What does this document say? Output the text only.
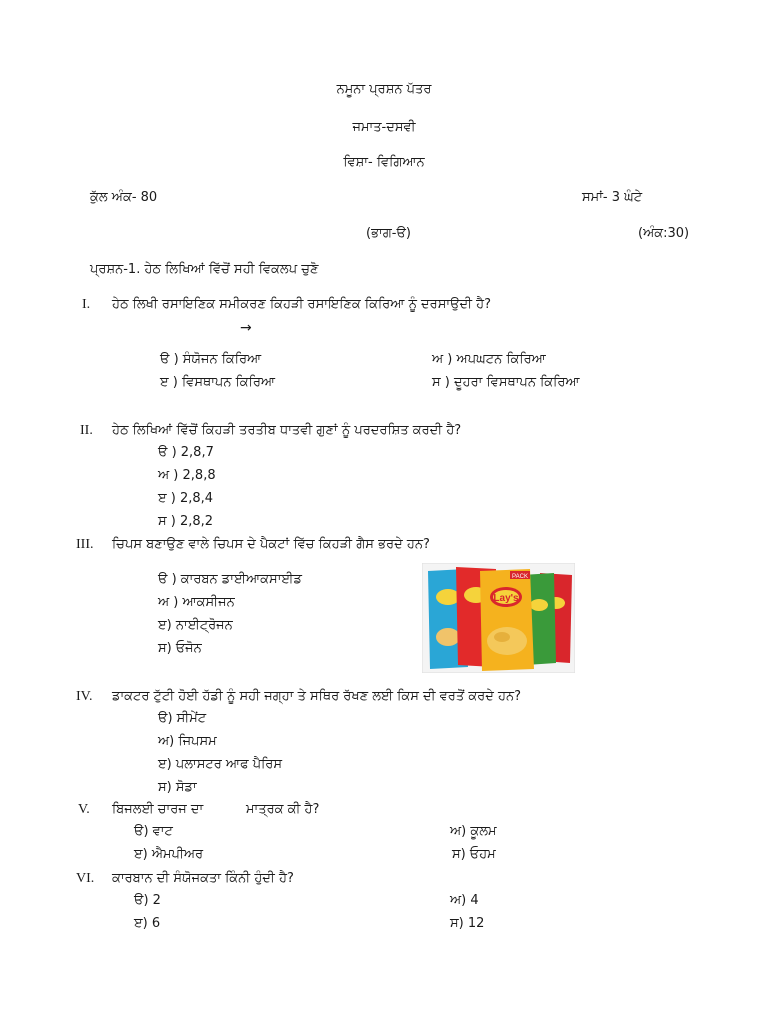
ਨਮੂਨਾ ਪ੍ਰਸ਼ਨ ਪੱਤਰ
ਜਮਾਤ-ਦਸਵੀ
ਵਿਸ਼ਾ- ਵਿਗਿਆਨ
ਕੁੱਲ ਅੰਕ- 80	ਸਮਾਂ- 3 ਘੰਟੇ
(ਭਾਗ-ੳ)	(ਅੰਕ:30)
ਪ੍ਰਸ਼ਨ-1. ਹੇਠ ਲਿਖਿਆਂ ਵਿੱਚੋਂ ਸਹੀ ਵਿਕਲਪ ਚੁਣੋ
I. ਹੇਠ ਲਿਖੀ ਰਸਾਇਣਿਕ ਸਮੀਕਰਣ ਕਿਹੜੀ ਰਸਾਇਣਿਕ ਕਿਰਿਆ ਨੂੰ ਦਰਸਾਉਦੀ ਹੈ?
→
ੳ ) ਸੰਯੋਜਨ ਕਿਰਿਆ	ਅ ) ਅਪਘਟਨ ਕਿਰਿਆ
ੲ ) ਵਿਸਥਾਪਨ ਕਿਰਿਆ	ਸ ) ਦੂਹਰਾ ਵਿਸਥਾਪਨ ਕਿਰਿਆ
II. ਹੇਠ ਲਿਖਿਆਂ ਵਿੱਚੋਂ ਕਿਹੜੀ ਤਰਤੀਬ ਧਾਤਵੀ ਗੁਣਾਂ ਨੂੰ ਪਰਦਰਸ਼ਿਤ ਕਰਦੀ ਹੈ?
ੳ ) 2,8,7
ਅ ) 2,8,8
ੲ ) 2,8,4
ਸ ) 2,8,2
III. ਚਿਪਸ ਬਣਾਉਣ ਵਾਲੇ ਚਿਪਸ ਦੇ ਪੈਕਟਾਂ ਵਿੱਚ ਕਿਹੜੀ ਗੈਸ ਭਰਦੇ ਹਨ?
ੳ ) ਕਾਰਬਨ ਡਾਈਆਕਸਾਈਡ
ਅ ) ਆਕਸੀਜਨ
ੲ) ਨਾਈਟ੍ਰੋਜਨ
ਸ) ਓਜੋਨ
PACK
Lay's
IV. ਡਾਕਟਰ ਟੁੱਟੀ ਹੋਈ ਹੱਡੀ ਨੂੰ ਸਹੀ ਜਗ੍ਹਾ ਤੇ ਸਥਿਰ ਰੱਖਣ ਲਈ ਕਿਸ ਦੀ ਵਰਤੋਂ ਕਰਦੇ ਹਨ?
ੳ) ਸੀਮੇਂਟ
ਅ) ਜਿਪਸਮ
ੲ) ਪਲਾਸਟਰ ਆਫ ਪੈਰਿਸ
ਸ) ਸੋਡਾ
V. ਬਿਜਲਈ ਚਾਰਜ ਦਾ	ਮਾਤ੍ਰਕ ਕੀ ਹੈ?
ੳ) ਵਾਟ	ਅ) ਕੂਲਮ
ੲ) ਐਮਪੀਅਰ	ਸ) ਓਹਮ
VI. ਕਾਰਬਾਨ ਦੀ ਸੰਯੋਜਕਤਾ ਕਿੰਨੀ ਹੁੰਦੀ ਹੈ?
ੳ) 2	ਅ) 4
ੲ) 6	ਸ) 12
